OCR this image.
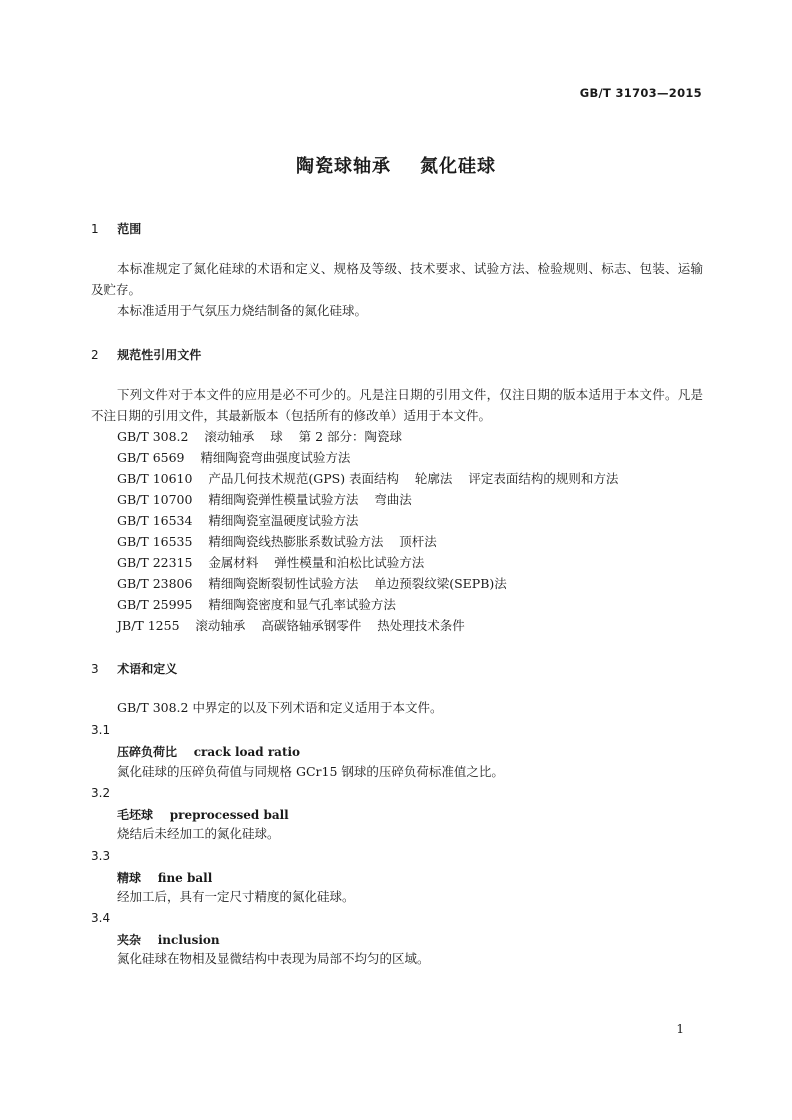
GB/T 31703—2015
陶瓷球轴承    氮化硅球
1 范围
本标准规定了氮化硅球的术语和定义、规格及等级、技术要求、试验方法、检验规则、标志、包装、运输及贮存。
本标准适用于气氛压力烧结制备的氮化硅球。
2 规范性引用文件
下列文件对于本文件的应用是必不可少的。凡是注日期的引用文件，仅注日期的版本适用于本文件。凡是不注日期的引用文件，其最新版本（包括所有的修改单）适用于本文件。
GB/T 308.2    滚动轴承    球    第 2 部分：陶瓷球
GB/T 6569    精细陶瓷弯曲强度试验方法
GB/T 10610    产品几何技术规范(GPS) 表面结构    轮廓法    评定表面结构的规则和方法
GB/T 10700    精细陶瓷弹性模量试验方法    弯曲法
GB/T 16534    精细陶瓷室温硬度试验方法
GB/T 16535    精细陶瓷线热膨胀系数试验方法    顶杆法
GB/T 22315    金属材料    弹性模量和泊松比试验方法
GB/T 23806    精细陶瓷断裂韧性试验方法    单边预裂纹梁(SEPB)法
GB/T 25995    精细陶瓷密度和显气孔率试验方法
JB/T 1255    滚动轴承    高碳铬轴承钢零件    热处理技术条件
3 术语和定义
GB/T 308.2 中界定的以及下列术语和定义适用于本文件。
3.1
压碎负荷比 crack load ratio
氮化硅球的压碎负荷值与同规格 GCr15 钢球的压碎负荷标准值之比。
3.2
毛坯球 preprocessed ball
烧结后未经加工的氮化硅球。
3.3
精球 fine ball
经加工后，具有一定尺寸精度的氮化硅球。
3.4
夹杂 inclusion
氮化硅球在物相及显微结构中表现为局部不均匀的区域。
1
